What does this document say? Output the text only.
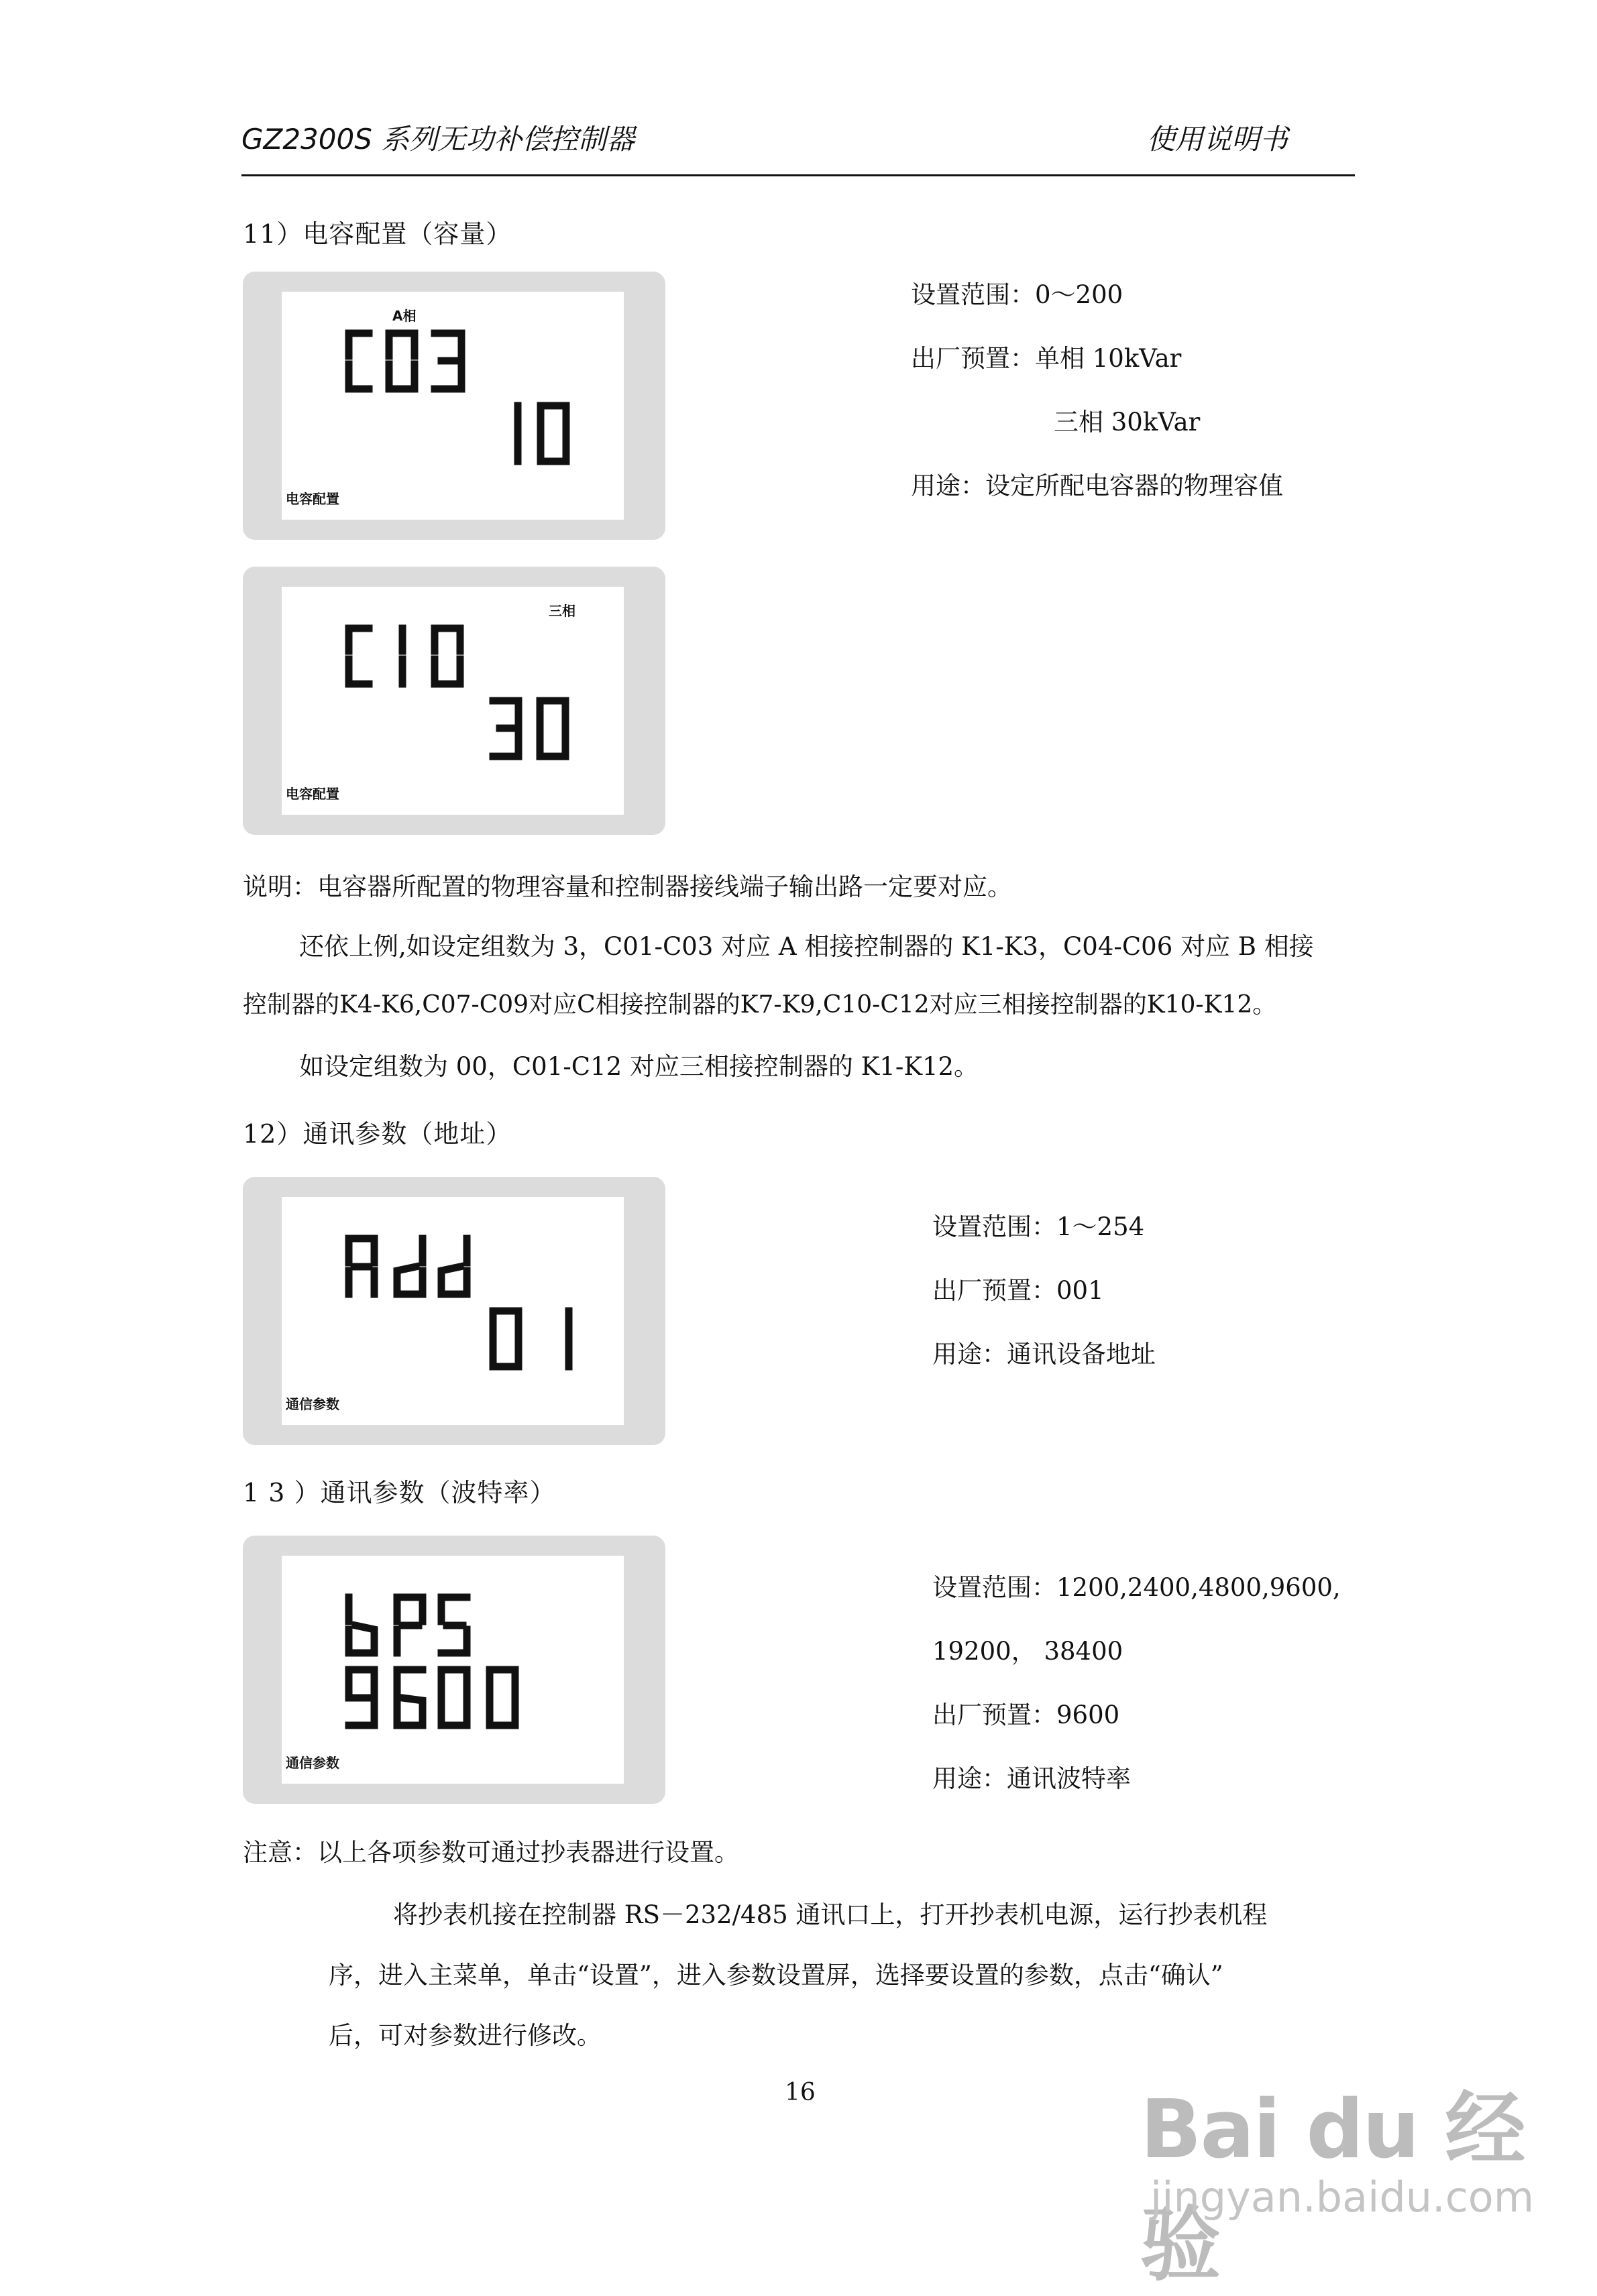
GZ2300S 系列无功补偿控制器	使用说明书
11）电容配置（容量）
A相
电容配置
三相
电容配置
设置范围：0～200
出厂预置：单相 10kVar
三相 30kVar
用途：设定所配电容器的物理容值
说明：电容器所配置的物理容量和控制器接线端子输出路一定要对应。
还依上例,如设定组数为 3，C01-C03 对应 A 相接控制器的 K1-K3，C04-C06 对应 B 相接
控制器的K4-K6,C07-C09对应C相接控制器的K7-K9,C10-C12对应三相接控制器的K10-K12。
如设定组数为 00，C01-C12 对应三相接控制器的 K1-K12。
12）通讯参数（地址）
通信参数
设置范围：1～254
出厂预置：001
用途：通讯设备地址
1 3 ）通讯参数（波特率）
通信参数
设置范围：1200,2400,4800,9600,
19200， 38400
出厂预置：9600
用途：通讯波特率
注意：以上各项参数可通过抄表器进行设置。
将抄表机接在控制器 RS－232/485 通讯口上，打开抄表机电源，运行抄表机程
序，进入主菜单，单击“设置”，进入参数设置屏，选择要设置的参数，点击“确认”
后，可对参数进行修改。
16	Bai du 经验
jingyan.baidu.com
